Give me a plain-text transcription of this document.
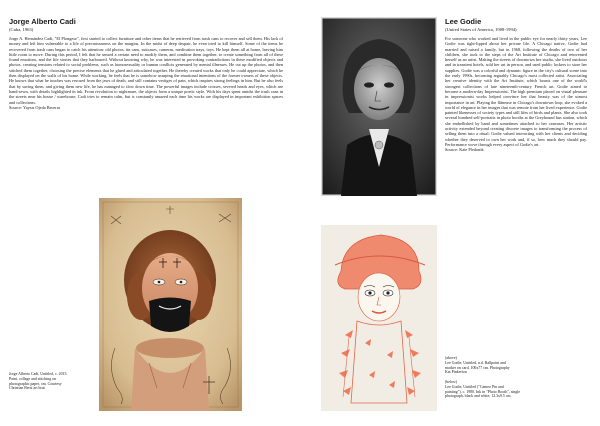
Jorge Alberto Cadi

(Cuba, 1963)

Jorge A. Hernández Cadi, "El Plongeur", first started to collect furniture and other items that he retrieved from trash cans to recover and sell them. His lack of money and left him vulnerable to a life of precariousness on the margins. In the midst of deep despair, he even tried to kill himself. Some of the items he recovered from trash cans began to catch his attention: old photos, tin cans, suitcases, cameras, medication trays, toys. He kept them all at home, leaving him little room to move. During this period, I felt that he sensed a certain need to modify them, and combine them together, to create something from all of these found emotions, and the life stories that they harboured. Without knowing why, he was interested in provoking contradictions in these modified objects and photos, creating tensions related to social problems, such as homosexuality or human conflicts generated by mental illnesses. He cut up the photos, and then stitched them together, choosing the precise elements that he glued and articulated together. He thereby created works that only he could appreciate, which he then displayed on the walls of his home. While working, he feels that he is somehow usurping the emotional intentions of the former owners of these objects. He knows that what he touches was rescued from the jaws of death, and still contains vestiges of pain, which inspires strong feelings in him. But he also feels that by saving them, and giving them new life, he has managed to slow down time. The powerful images include crosses, severed heads and eyes, which are hand-sewn, with details highlighted in ink. From revolution to nightmare, the objects form a unique poetic style. With his days spent amidst the trash cans in the streets near his house / warehouse, Cadi tries to remain calm, but is constantly amazed each time his works are displayed in important exhibition spaces and collections.
Source: Yaysis Ojeda Becerra
Jorge Alberto Cadi, Untitled, c. 2015.
Paint, collage and stitching on
photographic paper, cm. Courtesy
Christian Berst art brut
Lee Godie

(United States of America, 1908-1994)

For someone who worked and lived in the public eye for nearly thirty years, Lee Godie was tight-lipped about her private life. A Chicago native, Godie had married and raised a family, but in 1968, following the deaths of two of her children, she took to the steps of the Art Institute of Chicago and reinvented herself as an artist. Making the streets of downtown her studio, she lived outdoors and in transient hotels, sold her art in person, and used public lockers to store her supplies. Godie was a colorful and dynamic figure in the city's cultural scene into the early 1990s, becoming arguably Chicago's most collected artist. Associating her creative identity with the Art Institute, which boasts one of the world's strongest collections of late nineteenth-century French art, Godie aimed to become a modern-day Impressionist. The high premium placed on visual pleasure in impressionist works helped convince her that beauty was of the utmost importance in art. Playing the flâneuse in Chicago's downtown loop, she evoked a world of elegance in her images that was remote from her lived experience. Godie painted likenesses of society types and still lifes of birds and plants. She also took several hundred self-portraits in photo booths at the Greyhound bus station, which she embellished by hand and sometimes attached to her canvases. Her artistic activity extended beyond creating discrete images to transforming the process of selling them into a ritual: Godie valued interacting with her clients and deciding whether they deserved to own her work and, if so, how much they should pay. Performance wove through every aspect of Godie's art.
Source: Kate Pledonik
(above)
Lee Godie, Untitled, n.d. Ballpoint and
marker on card, 100x77 cm. Photography
Kat Pinkerton
(below)
Lee Godie, Untitled ("Cameo Pin and
painting"), c. 1980. Ink in "Photo Booth", single
photograph, black and white, 12.3x9.5 cm
